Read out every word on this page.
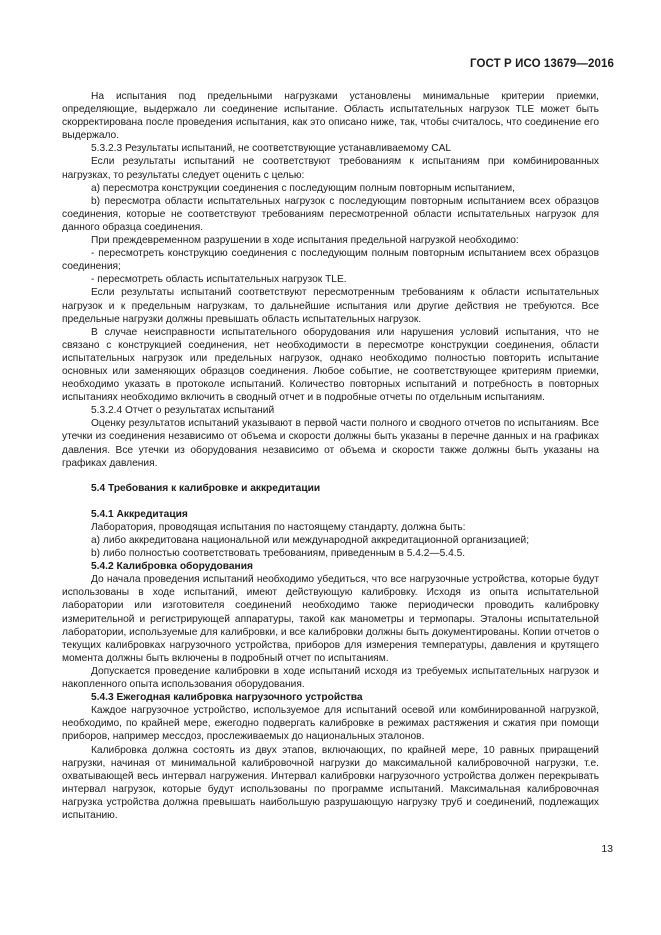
ГОСТ Р ИСО 13679—2016

На испытания под предельными нагрузками установлены минимальные критерии приемки, определяющие, выдержало ли соединение испытание. Область испытательных нагрузок TLE может быть скорректирована после проведения испытания, как это описано ниже, так, чтобы считалось, что соединение его выдержало.

5.3.2.3 Результаты испытаний, не соответствующие устанавливаемому CAL

Если результаты испытаний не соответствуют требованиям к испытаниям при комбинированных нагрузках, то результаты следует оценить с целью:

а) пересмотра конструкции соединения с последующим полным повторным испытанием,

b) пересмотра области испытательных нагрузок с последующим повторным испытанием всех образцов соединения, которые не соответствуют требованиям пересмотренной области испытательных нагрузок для данного образца соединения.

При преждевременном разрушении в ходе испытания предельной нагрузкой необходимо:

- пересмотреть конструкцию соединения с последующим полным повторным испытанием всех образцов соединения;

- пересмотреть область испытательных нагрузок TLE.

Если результаты испытаний соответствуют пересмотренным требованиям к области испытательных нагрузок и к предельным нагрузкам, то дальнейшие испытания или другие действия не требуются. Все предельные нагрузки должны превышать область испытательных нагрузок.

В случае неисправности испытательного оборудования или нарушения условий испытания, что не связано с конструкцией соединения, нет необходимости в пересмотре конструкции соединения, области испытательных нагрузок или предельных нагрузок, однако необходимо полностью повторить испытание основных или заменяющих образцов соединения. Любое событие, не соответствующее критериям приемки, необходимо указать в протоколе испытаний. Количество повторных испытаний и потребность в повторных испытаниях необходимо включить в сводный отчет и в подробные отчеты по отдельным испытаниям.

5.3.2.4 Отчет о результатах испытаний

Оценку результатов испытаний указывают в первой части полного и сводного отчетов по испытаниям. Все утечки из соединения независимо от объема и скорости должны быть указаны в перечне данных и на графиках давления. Все утечки из оборудования независимо от объема и скорости также должны быть указаны на графиках давления.

5.4 Требования к калибровке и аккредитации

5.4.1 Аккредитация

Лаборатория, проводящая испытания по настоящему стандарту, должна быть:

а) либо аккредитована национальной или международной аккредитационной организацией;

b) либо полностью соответствовать требованиям, приведенным в 5.4.2—5.4.5.

5.4.2 Калибровка оборудования

До начала проведения испытаний необходимо убедиться, что все нагрузочные устройства, которые будут использованы в ходе испытаний, имеют действующую калибровку. Исходя из опыта испытательной лаборатории или изготовителя соединений необходимо также периодически проводить калибровку измерительной и регистрирующей аппаратуры, такой как манометры и термопары. Эталоны испытательной лаборатории, используемые для калибровки, и все калибровки должны быть документированы. Копии отчетов о текущих калибровках нагрузочного устройства, приборов для измерения температуры, давления и крутящего момента должны быть включены в подробный отчет по испытаниям.

Допускается проведение калибровки в ходе испытаний исходя из требуемых испытательных нагрузок и накопленного опыта использования оборудования.

5.4.3 Ежегодная калибровка нагрузочного устройства

Каждое нагрузочное устройство, используемое для испытаний осевой или комбинированной нагрузкой, необходимо, по крайней мере, ежегодно подвергать калибровке в режимах растяжения и сжатия при помощи приборов, например мессдоз, прослеживаемых до национальных эталонов.

Калибровка должна состоять из двух этапов, включающих, по крайней мере, 10 равных приращений нагрузки, начиная от минимальной калибровочной нагрузки до максимальной калибровочной нагрузки, т.е. охватывающей весь интервал нагружения. Интервал калибровки нагрузочного устройства должен перекрывать интервал нагрузок, которые будут использованы по программе испытаний. Максимальная калибровочная нагрузка устройства должна превышать наибольшую разрушающую нагрузку труб и соединений, подлежащих испытанию.

13
